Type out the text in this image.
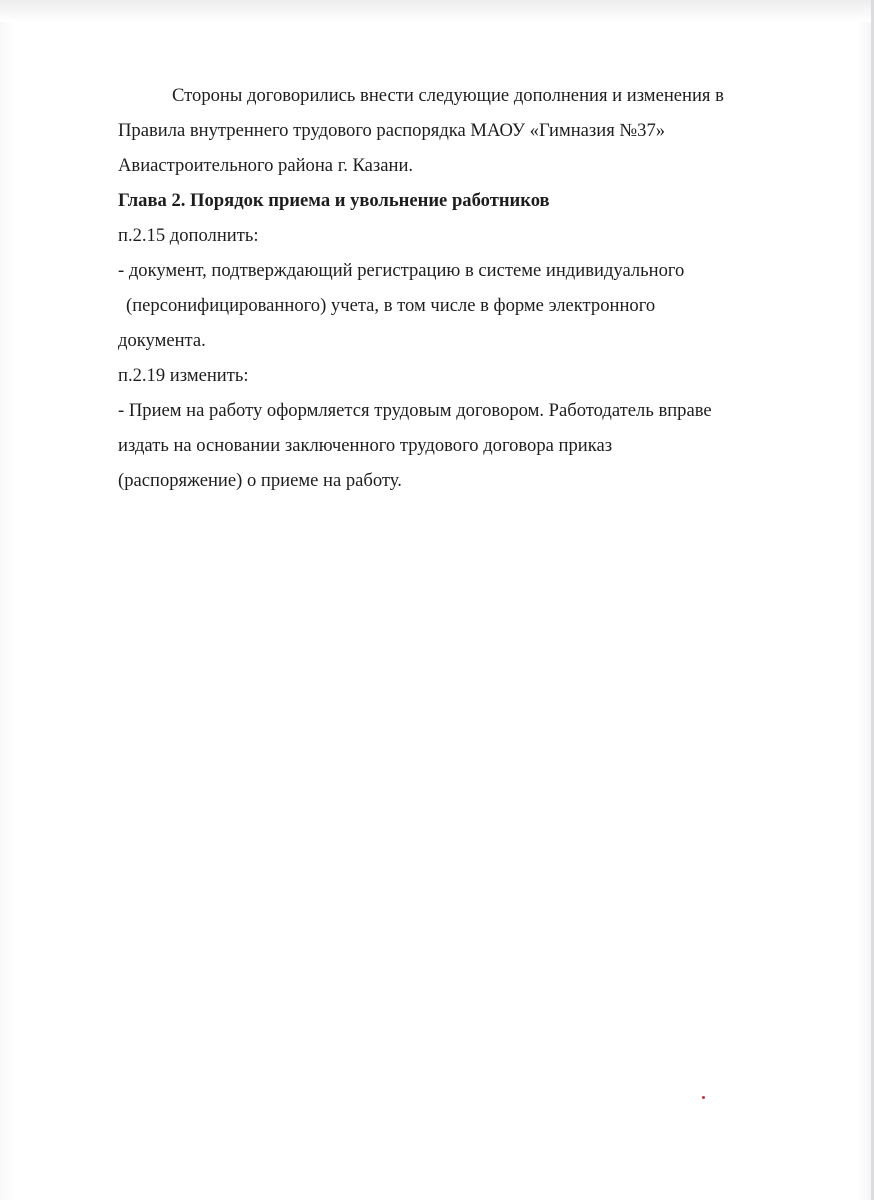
Стороны договорились внести следующие дополнения и изменения в
Правила внутреннего трудового распорядка МАОУ «Гимназия №37»
Авиастроительного района г. Казани.
Глава 2. Порядок приема и увольнение работников
п.2.15 дополнить:
- документ, подтверждающий регистрацию в системе индивидуального
(персонифицированного) учета, в том числе в форме электронного
документа.
п.2.19 изменить:
- Прием на работу оформляется трудовым договором. Работодатель вправе
издать на основании заключенного трудового договора приказ
(распоряжение) о приеме на работу.
